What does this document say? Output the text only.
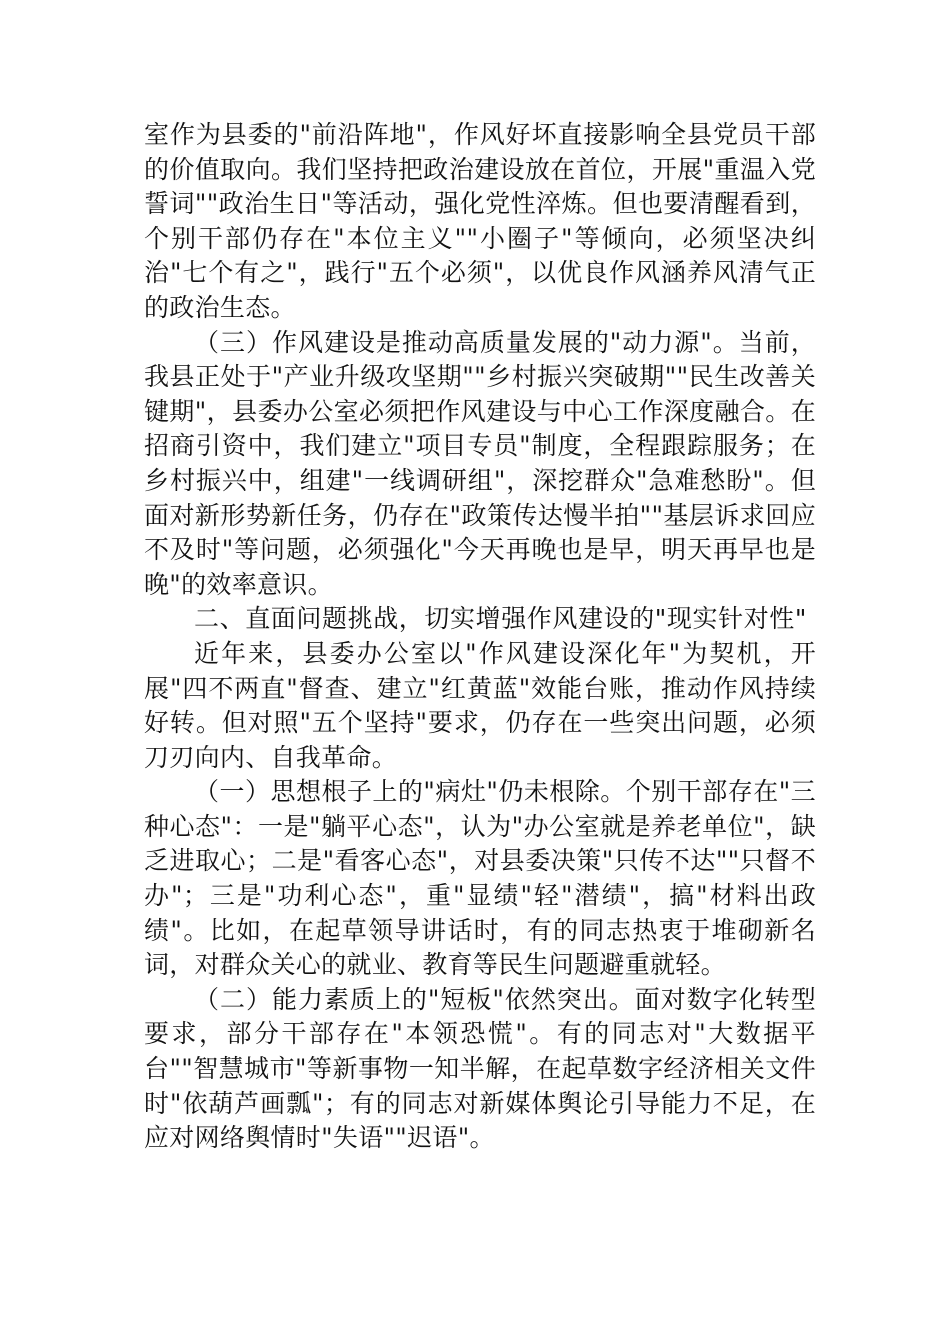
室作为县委的"前沿阵地"，作风好坏直接影响全县党员干部的价值取向。我们坚持把政治建设放在首位，开展"重温入党誓词""政治生日"等活动，强化党性淬炼。但也要清醒看到，个别干部仍存在"本位主义""小圈子"等倾向，必须坚决纠治"七个有之"，践行"五个必须"，以优良作风涵养风清气正的政治生态。

（三）作风建设是推动高质量发展的"动力源"。当前，我县正处于"产业升级攻坚期""乡村振兴突破期""民生改善关键期"，县委办公室必须把作风建设与中心工作深度融合。在招商引资中，我们建立"项目专员"制度，全程跟踪服务；在乡村振兴中，组建"一线调研组"，深挖群众"急难愁盼"。但面对新形势新任务，仍存在"政策传达慢半拍""基层诉求回应不及时"等问题，必须强化"今天再晚也是早，明天再早也是晚"的效率意识。

二、直面问题挑战，切实增强作风建设的"现实针对性"

近年来，县委办公室以"作风建设深化年"为契机，开展"四不两直"督查、建立"红黄蓝"效能台账，推动作风持续好转。但对照"五个坚持"要求，仍存在一些突出问题，必须刀刃向内、自我革命。

（一）思想根子上的"病灶"仍未根除。个别干部存在"三种心态"：一是"躺平心态"，认为"办公室就是养老单位"，缺乏进取心；二是"看客心态"，对县委决策"只传不达""只督不办"；三是"功利心态"，重"显绩"轻"潜绩"，搞"材料出政绩"。比如，在起草领导讲话时，有的同志热衷于堆砌新名词，对群众关心的就业、教育等民生问题避重就轻。

（二）能力素质上的"短板"依然突出。面对数字化转型要求，部分干部存在"本领恐慌"。有的同志对"大数据平台""智慧城市"等新事物一知半解，在起草数字经济相关文件时"依葫芦画瓢"；有的同志对新媒体舆论引导能力不足，在应对网络舆情时"失语""迟语"。
